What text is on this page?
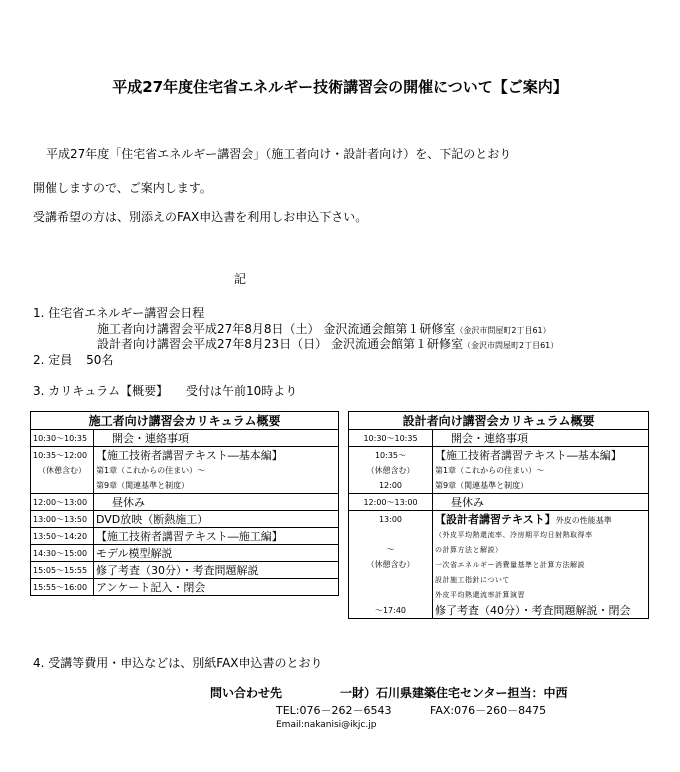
平成27年度住宅省エネルギー技術講習会の開催について【ご案内】
平成27年度「住宅省エネルギー講習会」（施工者向け・設計者向け）を、下記のとおり
開催しますので、ご案内します。
受講希望の方は、別添えのFAX申込書を利用しお申込下さい。
記
1. 住宅省エネルギー講習会日程
施工者向け講習会平成27年8月8日（土） 金沢流通会館第１研修室（金沢市問屋町2丁目61）
設計者向け講習会平成27年8月23日（日） 金沢流通会館第１研修室（金沢市問屋町2丁目61）
2. 定員 50名
3. カリキュラム【概要】 受付は午前10時より
施工者向け講習会カリキュラム概要	
10:30〜10:35	開会・連絡事項
10:35〜12:00	【施工技術者講習テキスト―基本編】
（休憩含む）	第1章（これからの住まい）〜
	第9章（関連基準と制度）
12:00〜13:00	昼休み
13:00〜13:50	DVD放映（断熱施工）
13:50〜14:20	【施工技術者講習テキスト―施工編】
14:30〜15:00	モデル模型解説
15:05〜15:55	修了考査（30分）・考査問題解説
15:55〜16:00	アンケート記入・閉会
設計者向け講習会カリキュラム概要	
10:30〜10:35	開会・連絡事項
10:35〜	【施工技術者講習テキスト―基本編】
（休憩含む）	第1章（これからの住まい）〜
12:00	第9章（関連基準と制度）
12:00〜13:00	昼休み
13:00	【設計者講習テキスト】外皮の性能基準
	（外皮平均熱還流率、冷房期平均日射熱取得率
〜	の計算方法と解説）
（休憩含む）	一次省エネルギー消費量基準と計算方法解説
	設計施工指針について
	外皮平均熱還流率計算演習
〜17:40	修了考査（40分）・考査問題解説・閉会
4. 受講等費用・申込などは、別紙FAX申込書のとおり
問い合わせ先	一財）石川県建築住宅センター担当：中西
TEL:076－262－6543	FAX:076－260－8475
Email:nakanisi@ikjc.jp
